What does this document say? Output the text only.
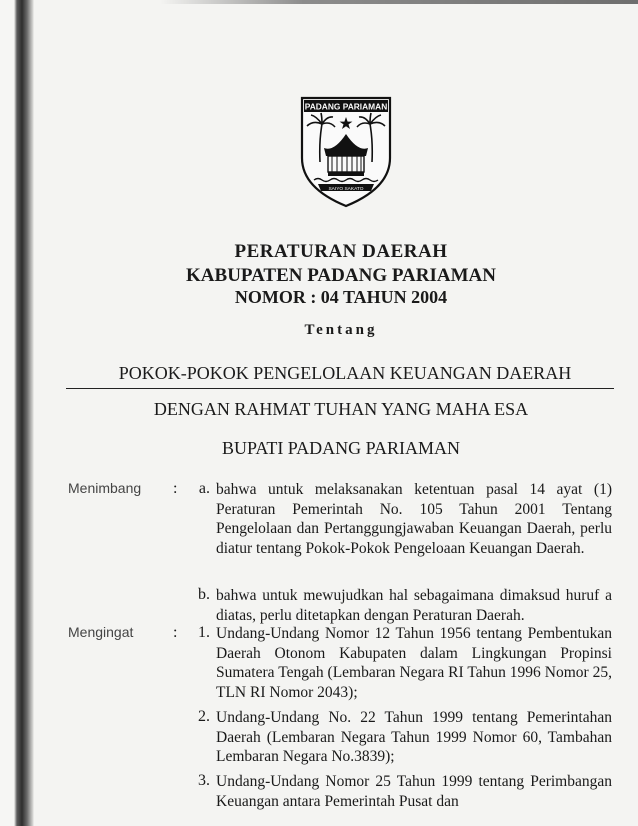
PADANG PARIAMAN
SAIYO SAKATO
PERATURAN DAERAH
KABUPATEN PADANG PARIAMAN
NOMOR : 04 TAHUN 2004
Tentang
POKOK-POKOK PENGELOLAAN KEUANGAN DAERAH
DENGAN RAHMAT TUHAN YANG MAHA ESA
BUPATI PADANG PARIAMAN
Menimbang :	a. bahwa untuk melaksanakan ketentuan pasal 14 ayat (1) Peraturan Pemerintah No. 105 Tahun 2001 Tentang Pengelolaan dan Pertanggungjawaban Keuangan Daerah, perlu diatur tentang Pokok-Pokok Pengeloaan Keuangan Daerah.

b. bahwa untuk mewujudkan hal sebagaimana dimaksud huruf a diatas, perlu ditetapkan dengan Peraturan Daerah.

Mengingat :	1. Undang-Undang Nomor 12 Tahun 1956 tentang Pembentukan Daerah Otonom Kabupaten dalam Lingkungan Propinsi Sumatera Tengah (Lembaran Negara RI Tahun 1996 Nomor 25, TLN RI Nomor 2043);

2. Undang-Undang No. 22 Tahun 1999 tentang Pemerintahan Daerah (Lembaran Negara Tahun 1999 Nomor 60, Tambahan Lembaran Negara No.3839);

3. Undang-Undang Nomor 25 Tahun 1999 tentang Perimbangan Keuangan antara Pemerintah Pusat dan
